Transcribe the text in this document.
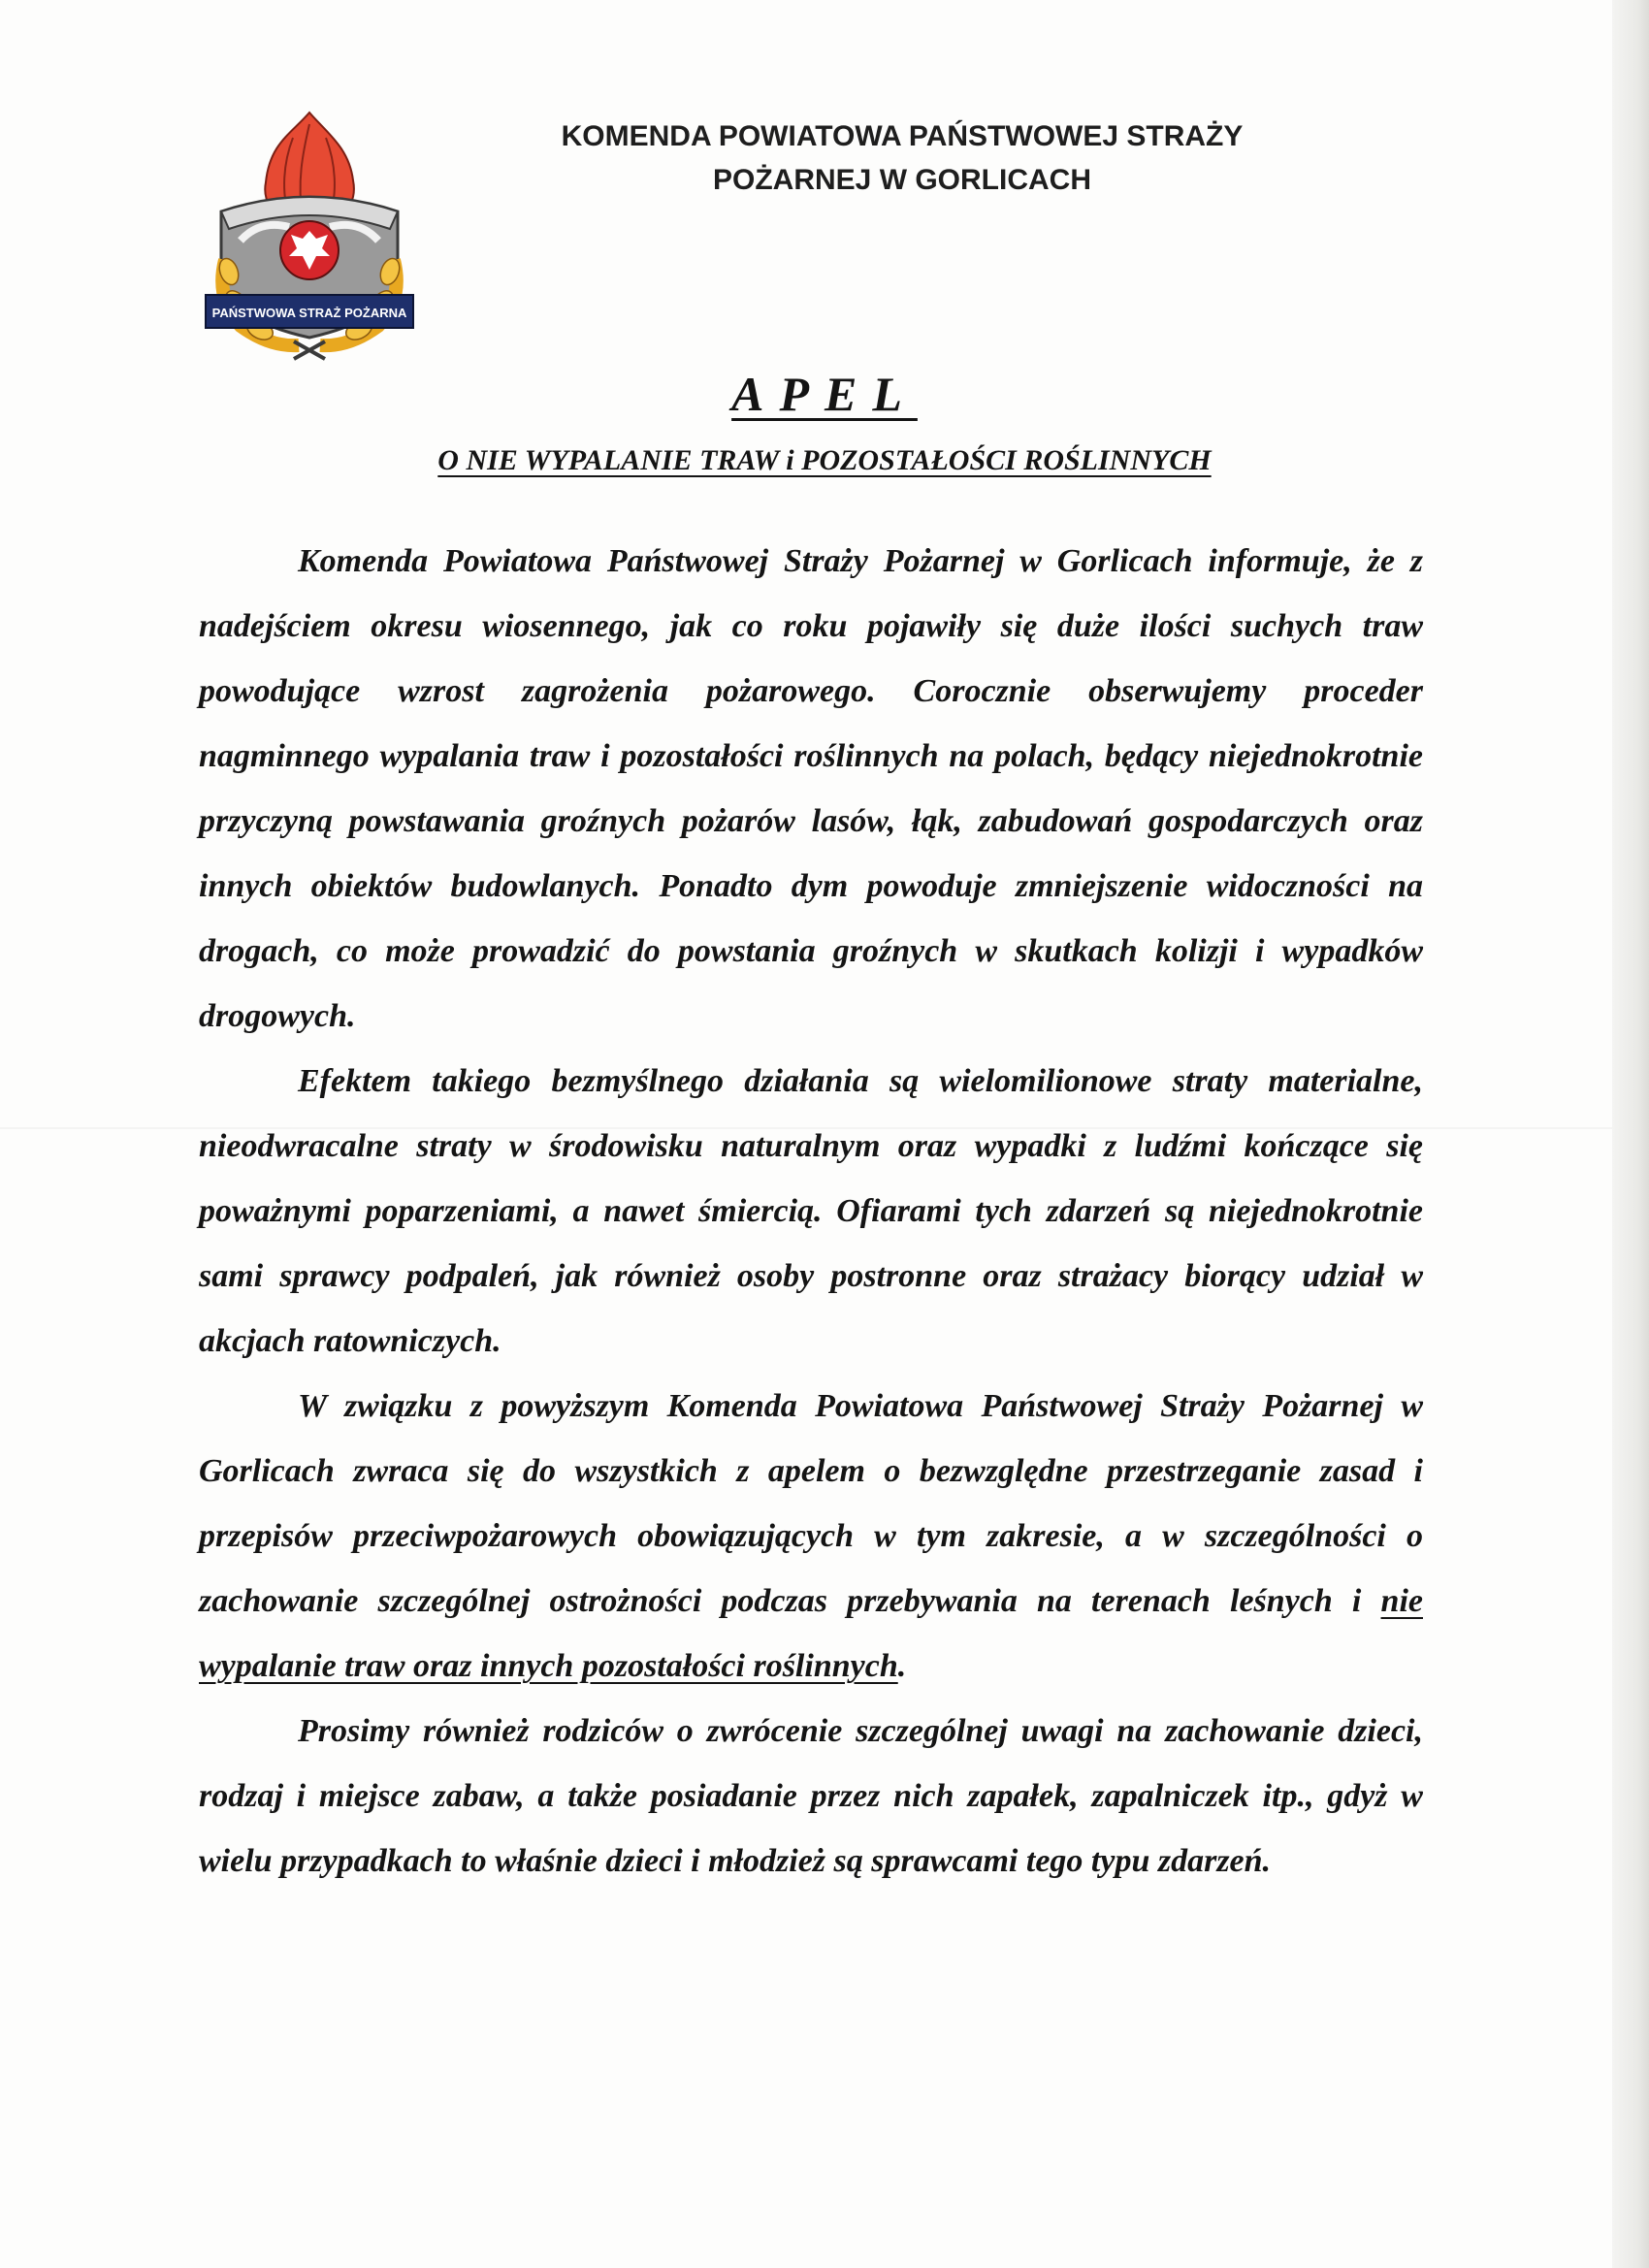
PAŃSTWOWA STRAŻ POŻARNA
KOMENDA POWIATOWA PAŃSTWOWEJ STRAŻY
POŻARNEJ W GORLICACH
APEL
O NIE WYPALANIE TRAW i POZOSTAŁOŚCI ROŚLINNYCH

Komenda Powiatowa Państwowej Straży Pożarnej w Gorlicach informuje, że z nadejściem okresu wiosennego, jak co roku pojawiły się duże ilości suchych traw powodujące wzrost zagrożenia pożarowego. Corocznie obserwujemy proceder nagminnego wypalania traw i pozostałości roślinnych na polach, będący niejednokrotnie przyczyną powstawania groźnych pożarów lasów, łąk, zabudowań gospodarczych oraz innych obiektów budowlanych. Ponadto dym powoduje zmniejszenie widoczności na drogach, co może prowadzić do powstania groźnych w skutkach kolizji i wypadków drogowych.

Efektem takiego bezmyślnego działania są wielomilionowe straty materialne, nieodwracalne straty w środowisku naturalnym oraz wypadki z ludźmi kończące się poważnymi poparzeniami, a nawet śmiercią. Ofiarami tych zdarzeń są niejednokrotnie sami sprawcy podpaleń, jak również osoby postronne oraz strażacy biorący udział w akcjach ratowniczych.

W związku z powyższym Komenda Powiatowa Państwowej Straży Pożarnej w Gorlicach zwraca się do wszystkich z apelem o bezwzględne przestrzeganie zasad i przepisów przeciwpożarowych obowiązujących w tym zakresie, a w szczególności o zachowanie szczególnej ostrożności podczas przebywania na terenach leśnych i nie wypalanie traw oraz innych pozostałości roślinnych.

Prosimy również rodziców o zwrócenie szczególnej uwagi na zachowanie dzieci, rodzaj i miejsce zabaw, a także posiadanie przez nich zapałek, zapalniczek itp., gdyż w wielu przypadkach to właśnie dzieci i młodzież są sprawcami tego typu zdarzeń.
